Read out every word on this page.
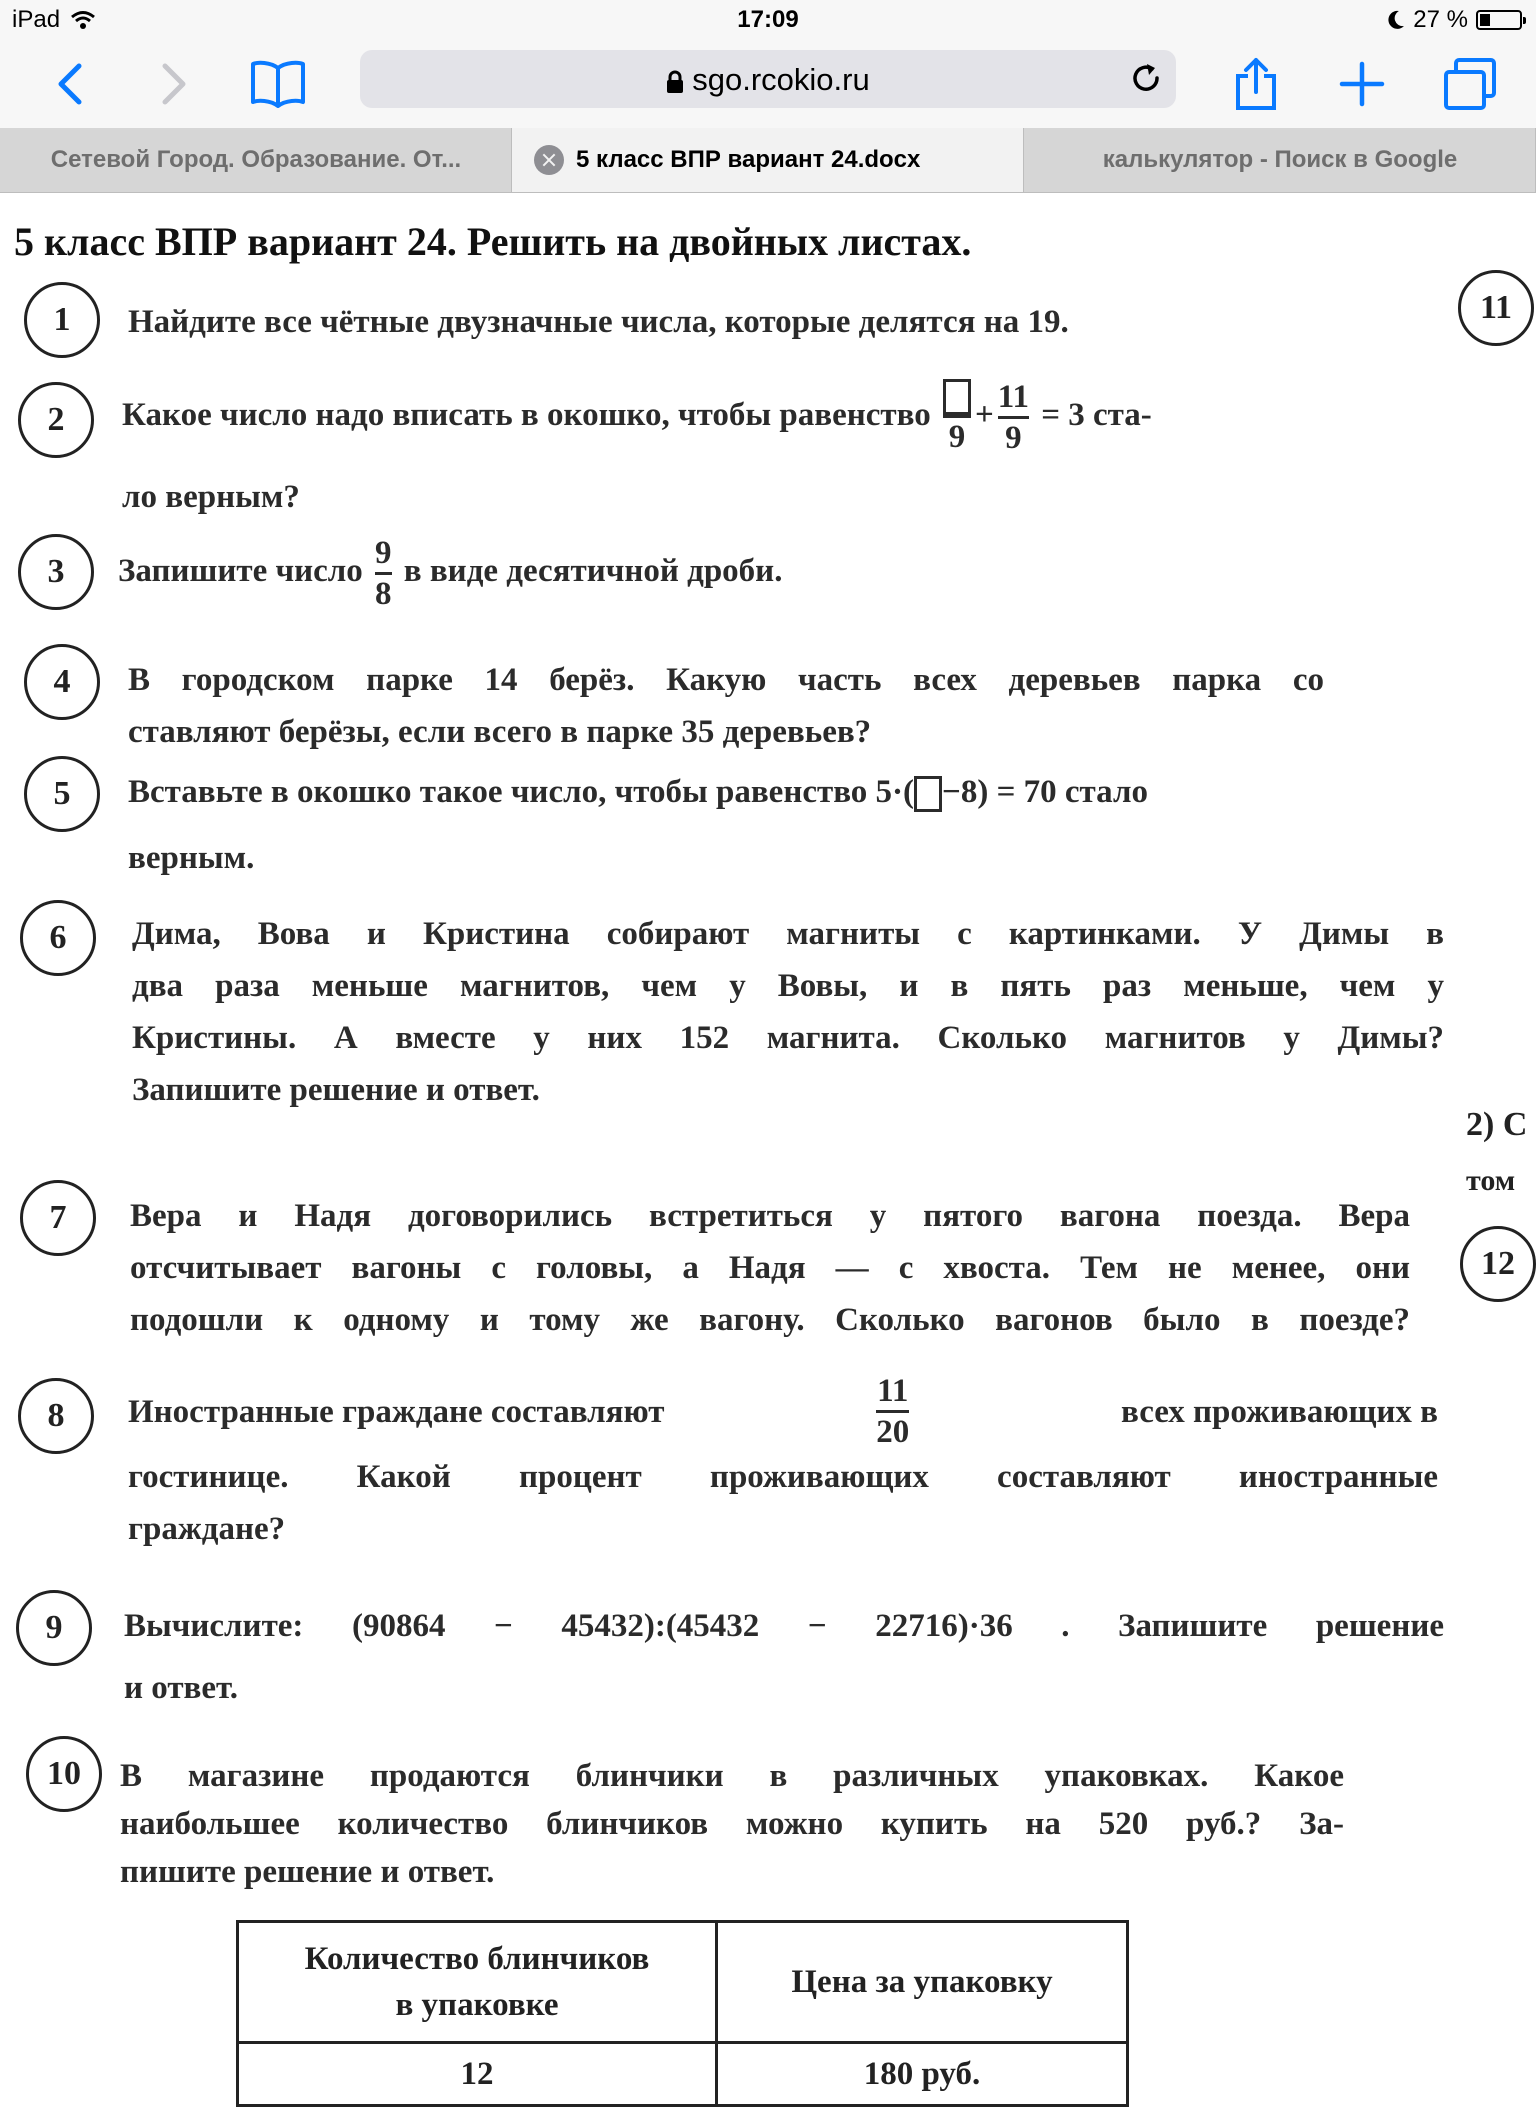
iPad	17:09	27 %
sgo.rcokio.ru
Сетевой Город. Образование. От...	5 класс ВПР вариант 24.docx	калькулятор - Поиск в Google
5 класс ВПР вариант 24. Решить на двойных листах.
1	Найдите все чётные двузначные числа, которые делятся на 19.
2	Какое число надо вписать в окошко, чтобы равенство
9
+ $\frac{11}{9} = 3$ ста-
ло верным?
3	Запишите число $\frac{9}{8}$ в виде десятичной дроби.
4	В городском парке 14 берёз. Какую часть всех деревьев парка со
ставляют берёзы, если всего в парке 35 деревьев?
5	Вставьте в окошко такое число, чтобы равенство 5·( −8) = 70 стало
верным.
6	Дима, Вова и Кристина собирают магниты с картинками. У Димы в
два раза меньше магнитов, чем у Вовы, и в пять раз меньше, чем у
Кристины. А вместе у них 152 магнита. Сколько магнитов у Димы?
Запишите решение и ответ.
7	Вера и Надя договорились встретиться у пятого вагона поезда. Вера
отсчитывает вагоны с головы, а Надя — с хвоста. Тем не менее, они
подошли к одному и тому же вагону. Сколько вагонов было в поезде?
8	Иностранные граждане составляют	$\frac{11}{20}$	всех проживающих в
гостинице. Какой процент проживающих составляют иностранные
граждане?
9	Вычислите: (90864 − 45432):(45432 − 22716)·36 . Запишите решение
и ответ.
10	В магазине продаются блинчики в различных упаковках. Какое
наибольшее количество блинчиков можно купить на 520 руб.? За-
пишите решение и ответ.
Количество блинчиков
в упаковке	Цена за упаковку
12	180 руб.
11
2) С
том
12
